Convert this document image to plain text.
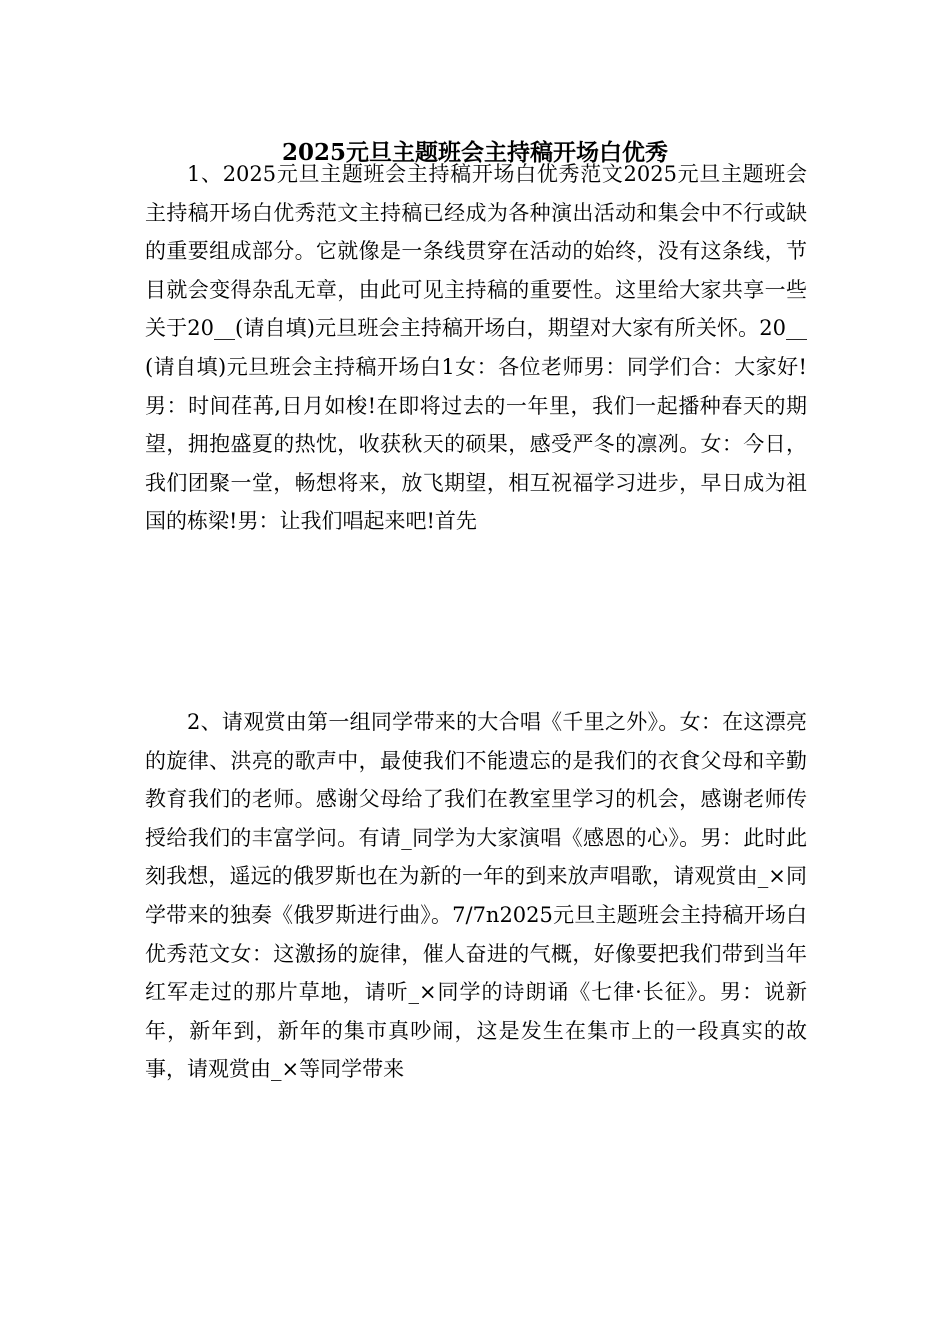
2025元旦主题班会主持稿开场白优秀

1、2025元旦主题班会主持稿开场白优秀范文2025元旦主题班会主持稿开场白优秀范文主持稿已经成为各种演出活动和集会中不行或缺的重要组成部分。它就像是一条线贯穿在活动的始终，没有这条线，节目就会变得杂乱无章，由此可见主持稿的重要性。这里给大家共享一些关于20__(请自填)元旦班会主持稿开场白，期望对大家有所关怀。20__(请自填)元旦班会主持稿开场白1女：各位老师男：同学们合：大家好!男：时间荏苒,日月如梭!在即将过去的一年里，我们一起播种春天的期望，拥抱盛夏的热忱，收获秋天的硕果，感受严冬的凛冽。女：今日，我们团聚一堂，畅想将来，放飞期望，相互祝福学习进步，早日成为祖国的栋梁!男：让我们唱起来吧!首先

2、请观赏由第一组同学带来的大合唱《千里之外》。女：在这漂亮 的旋律、洪亮的歌声中，最使我们不能遗忘的是我们的衣食父母和辛勤教育我们的老师。感谢父母给了我们在教室里学习的机会，感谢老师传授给我们的丰富学问。有请_同学为大家演唱《感恩的心》。男：此时此刻我想，遥远的俄罗斯也在为新的一年的到来放声唱歌，请观赏由_×同学带来的独奏《俄罗斯进行曲》。7/7n2025元旦主题班会主持稿开场白优秀范文女：这激扬的旋律，催人奋进的气概，好像要把我们带到当年红军走过的那片草地，请听_×同学的诗朗诵《七律·长征》。男：说新年，新年到，新年的集市真吵闹，这是发生在集市上的一段真实的故事，请观赏由_×等同学带来
